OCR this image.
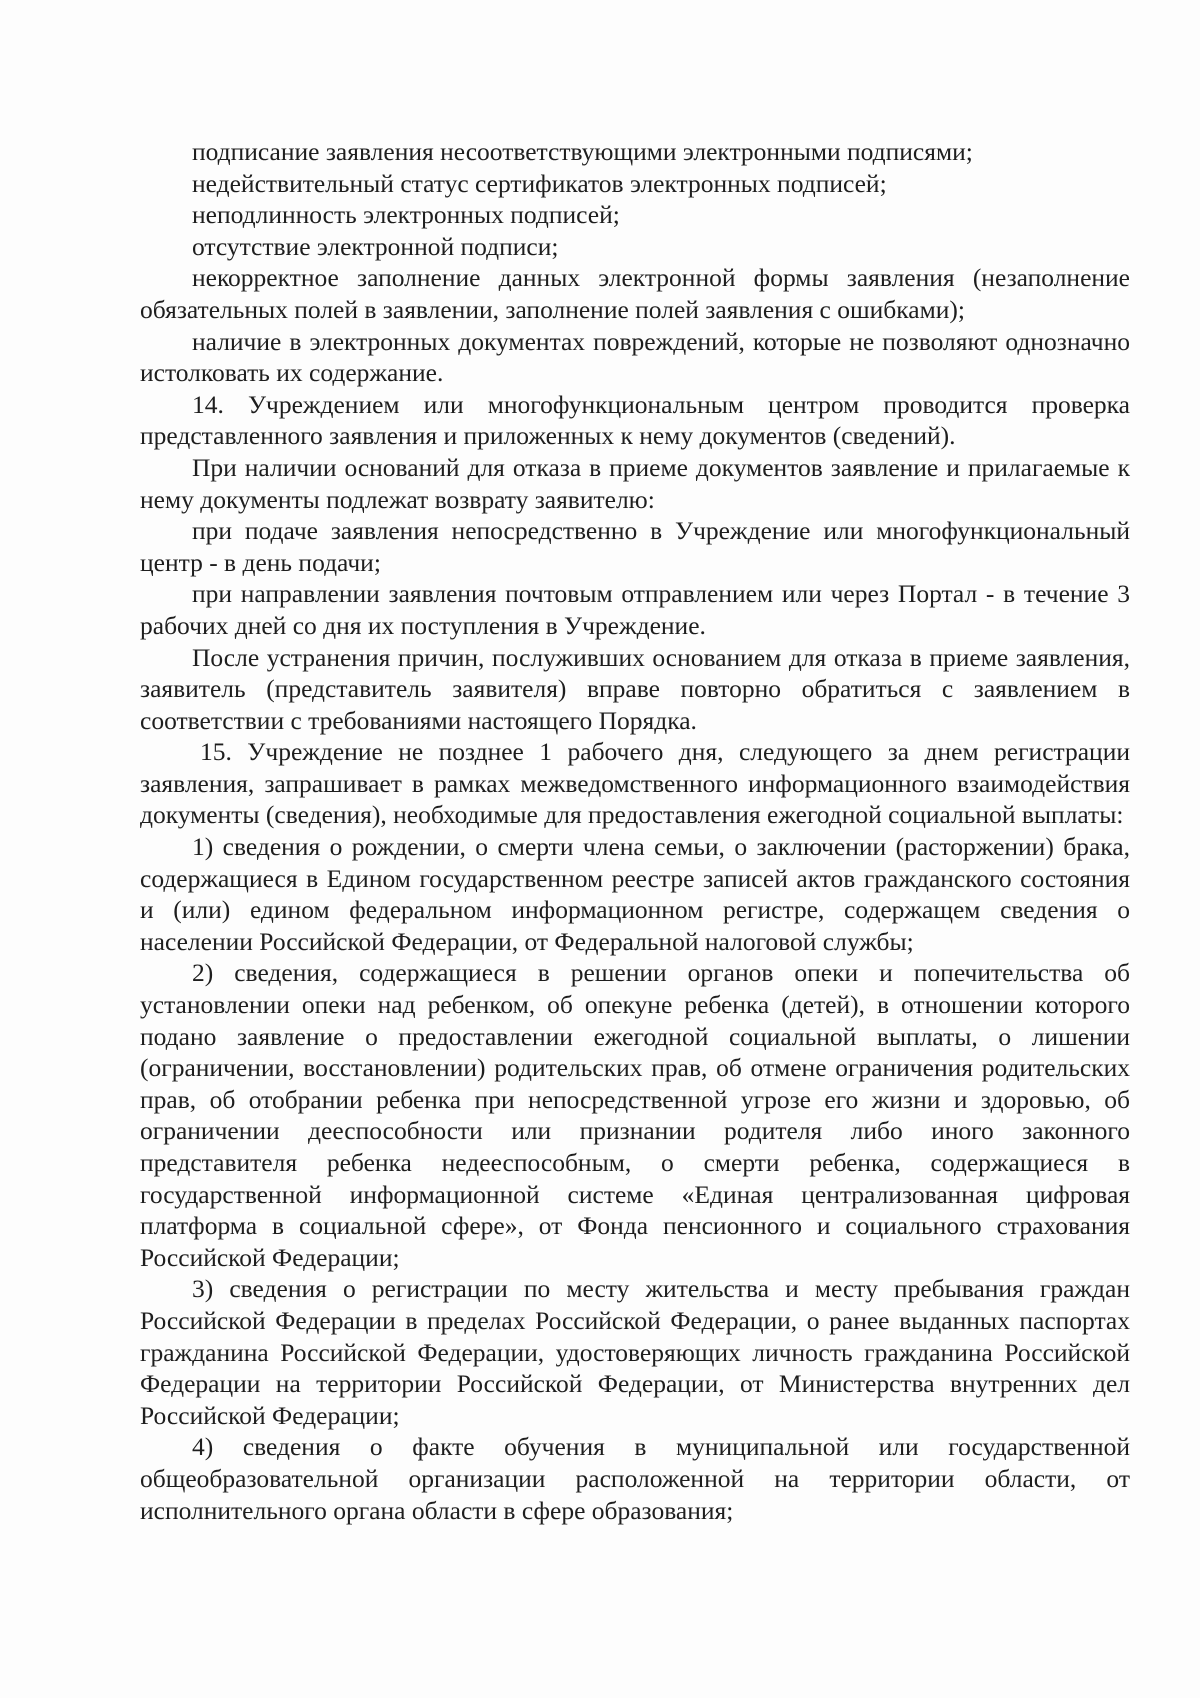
подписание заявления несоответствующими электронными подписями;

недействительный статус сертификатов электронных подписей;

неподлинность электронных подписей;

отсутствие электронной подписи;

некорректное заполнение данных электронной формы заявления (незаполнение обязательных полей в заявлении, заполнение полей заявления с ошибками);

наличие в электронных документах повреждений, которые не позволяют однозначно истолковать их содержание.

14. Учреждением или многофункциональным центром проводится проверка представленного заявления и приложенных к нему документов (сведений).

При наличии оснований для отказа в приеме документов заявление и прилагаемые к нему документы подлежат возврату заявителю:

при подаче заявления непосредственно в Учреждение или многофункциональный центр - в день подачи;

при направлении заявления почтовым отправлением или через Портал - в течение 3 рабочих дней со дня их поступления в Учреждение.

После устранения причин, послуживших основанием для отказа в приеме заявления, заявитель (представитель заявителя) вправе повторно обратиться с заявлением в соответствии с требованиями настоящего Порядка.

15. Учреждение не позднее 1 рабочего дня, следующего за днем регистрации заявления, запрашивает в рамках межведомственного информационного взаимодействия документы (сведения), необходимые для предоставления ежегодной социальной выплаты:

1) сведения о рождении, о смерти члена семьи, о заключении (расторжении) брака, содержащиеся в Едином государственном реестре записей актов гражданского состояния и (или) едином федеральном информационном регистре, содержащем сведения о населении Российской Федерации, от Федеральной налоговой службы;

2) сведения, содержащиеся в решении органов опеки и попечительства об установлении опеки над ребенком, об опекуне ребенка (детей), в отношении которого подано заявление о предоставлении ежегодной социальной выплаты, о лишении (ограничении, восстановлении) родительских прав, об отмене ограничения родительских прав, об отобрании ребенка при непосредственной угрозе его жизни и здоровью, об ограничении дееспособности или признании родителя либо иного законного представителя ребенка недееспособным, о смерти ребенка, содержащиеся в государственной информационной системе «Единая централизованная цифровая платформа в социальной сфере», от Фонда пенсионного и социального страхования Российской Федерации;

3) сведения о регистрации по месту жительства и месту пребывания граждан Российской Федерации в пределах Российской Федерации, о ранее выданных паспортах гражданина Российской Федерации, удостоверяющих личность гражданина Российской Федерации на территории Российской Федерации, от Министерства внутренних дел Российской Федерации;

4) сведения о факте обучения в муниципальной или государственной общеобразовательной организации расположенной на территории области, от исполнительного органа области в сфере образования;
